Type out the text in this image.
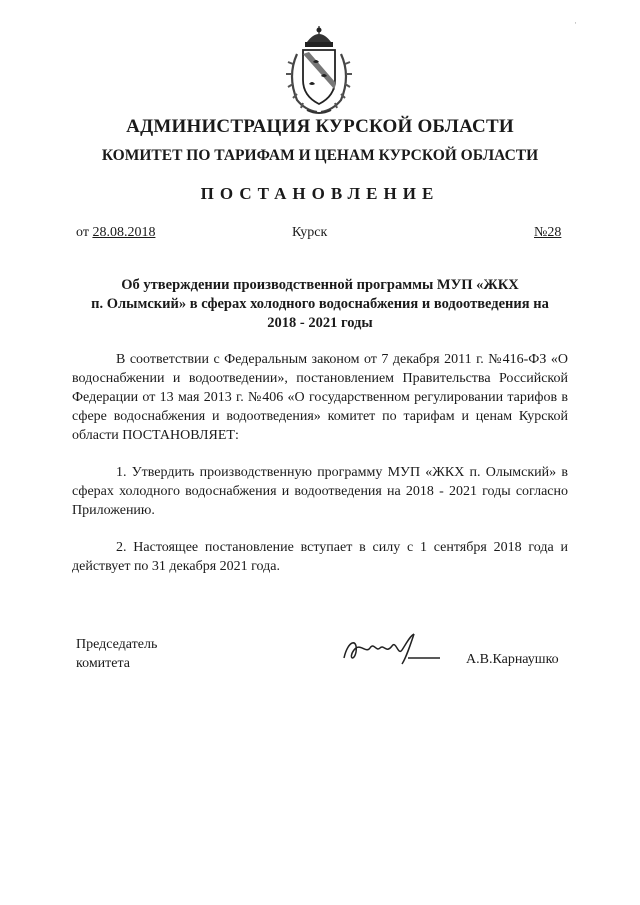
·
АДМИНИСТРАЦИЯ КУРСКОЙ ОБЛАСТИ
КОМИТЕТ ПО ТАРИФАМ И ЦЕНАМ КУРСКОЙ ОБЛАСТИ
ПОСТАНОВЛЕНИЕ
от 28.08.2018	Курск	№28
Об утверждении производственной программы МУП «ЖКХ
п. Олымский» в сферах холодного водоснабжения и водоотведения на
2018 - 2021 годы

В соответствии с Федеральным законом от 7 декабря 2011 г. №416-ФЗ «О водоснабжении и водоотведении», постановлением Правительства Российской Федерации от 13 мая 2013 г. №406 «О государственном регулировании тарифов в сфере водоснабжения и водоотведения» комитет по тарифам и ценам Курской области ПОСТАНОВЛЯЕТ:

1. Утвердить производственную программу МУП «ЖКХ п. Олымский» в сферах холодного водоснабжения и водоотведения на 2018 - 2021 годы согласно Приложению.

2. Настоящее постановление вступает в силу с 1 сентября 2018 года и действует по 31 декабря 2021 года.

Председатель
комитета	А.В.Карнаушко
